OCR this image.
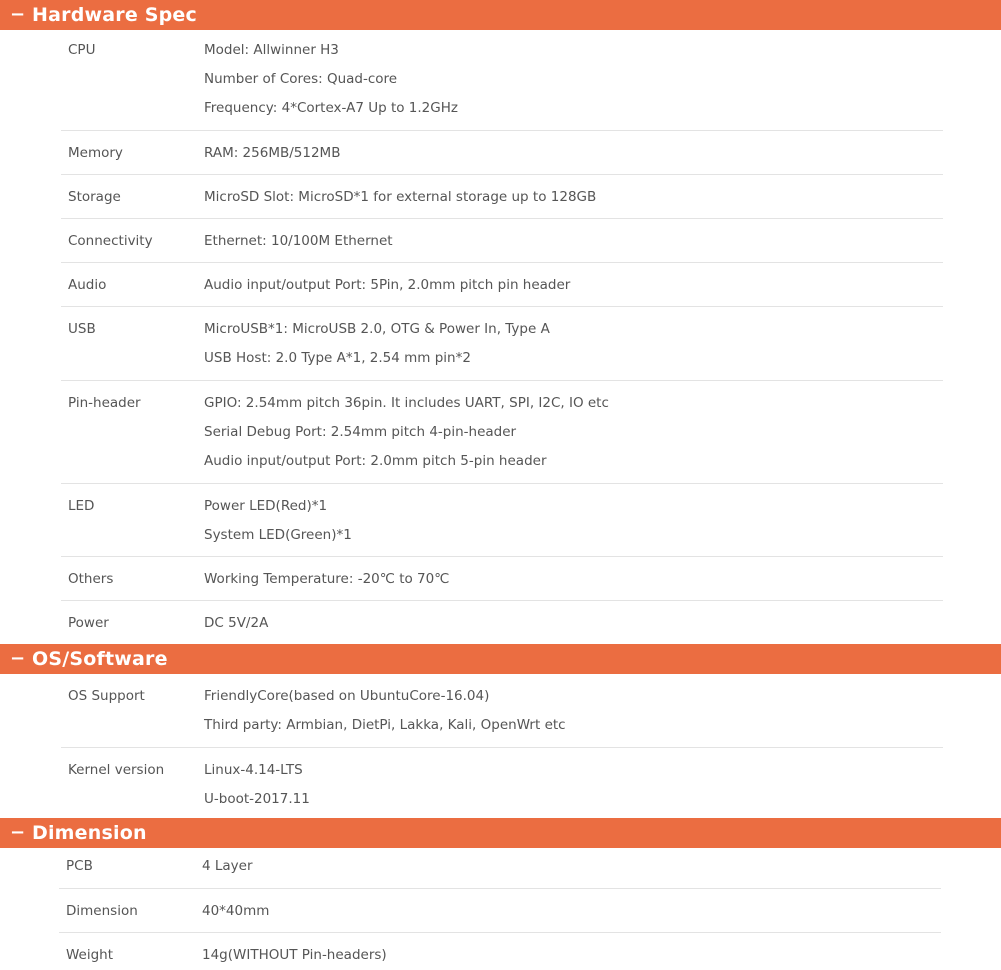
− Hardware Spec
CPU	Model: Allwinner H3
Number of Cores: Quad-core
Frequency: 4*Cortex-A7 Up to 1.2GHz
Memory	RAM: 256MB/512MB
Storage	MicroSD Slot: MicroSD*1 for external storage up to 128GB
Connectivity	Ethernet: 10/100M Ethernet
Audio	Audio input/output Port: 5Pin, 2.0mm pitch pin header
USB	MicroUSB*1: MicroUSB 2.0, OTG & Power In, Type A
USB Host: 2.0 Type A*1, 2.54 mm pin*2
Pin-header	GPIO: 2.54mm pitch 36pin. It includes UART, SPI, I2C, IO etc
Serial Debug Port: 2.54mm pitch 4-pin-header
Audio input/output Port: 2.0mm pitch 5-pin header
LED	Power LED(Red)*1
System LED(Green)*1
Others	Working Temperature: -20℃ to 70℃
Power	DC 5V/2A
− OS/Software
OS Support	FriendlyCore(based on UbuntuCore-16.04)
Third party: Armbian, DietPi, Lakka, Kali, OpenWrt etc
Kernel version	Linux-4.14-LTS
U-boot-2017.11
− Dimension
PCB	4 Layer
Dimension	40*40mm
Weight	14g(WITHOUT Pin-headers)
